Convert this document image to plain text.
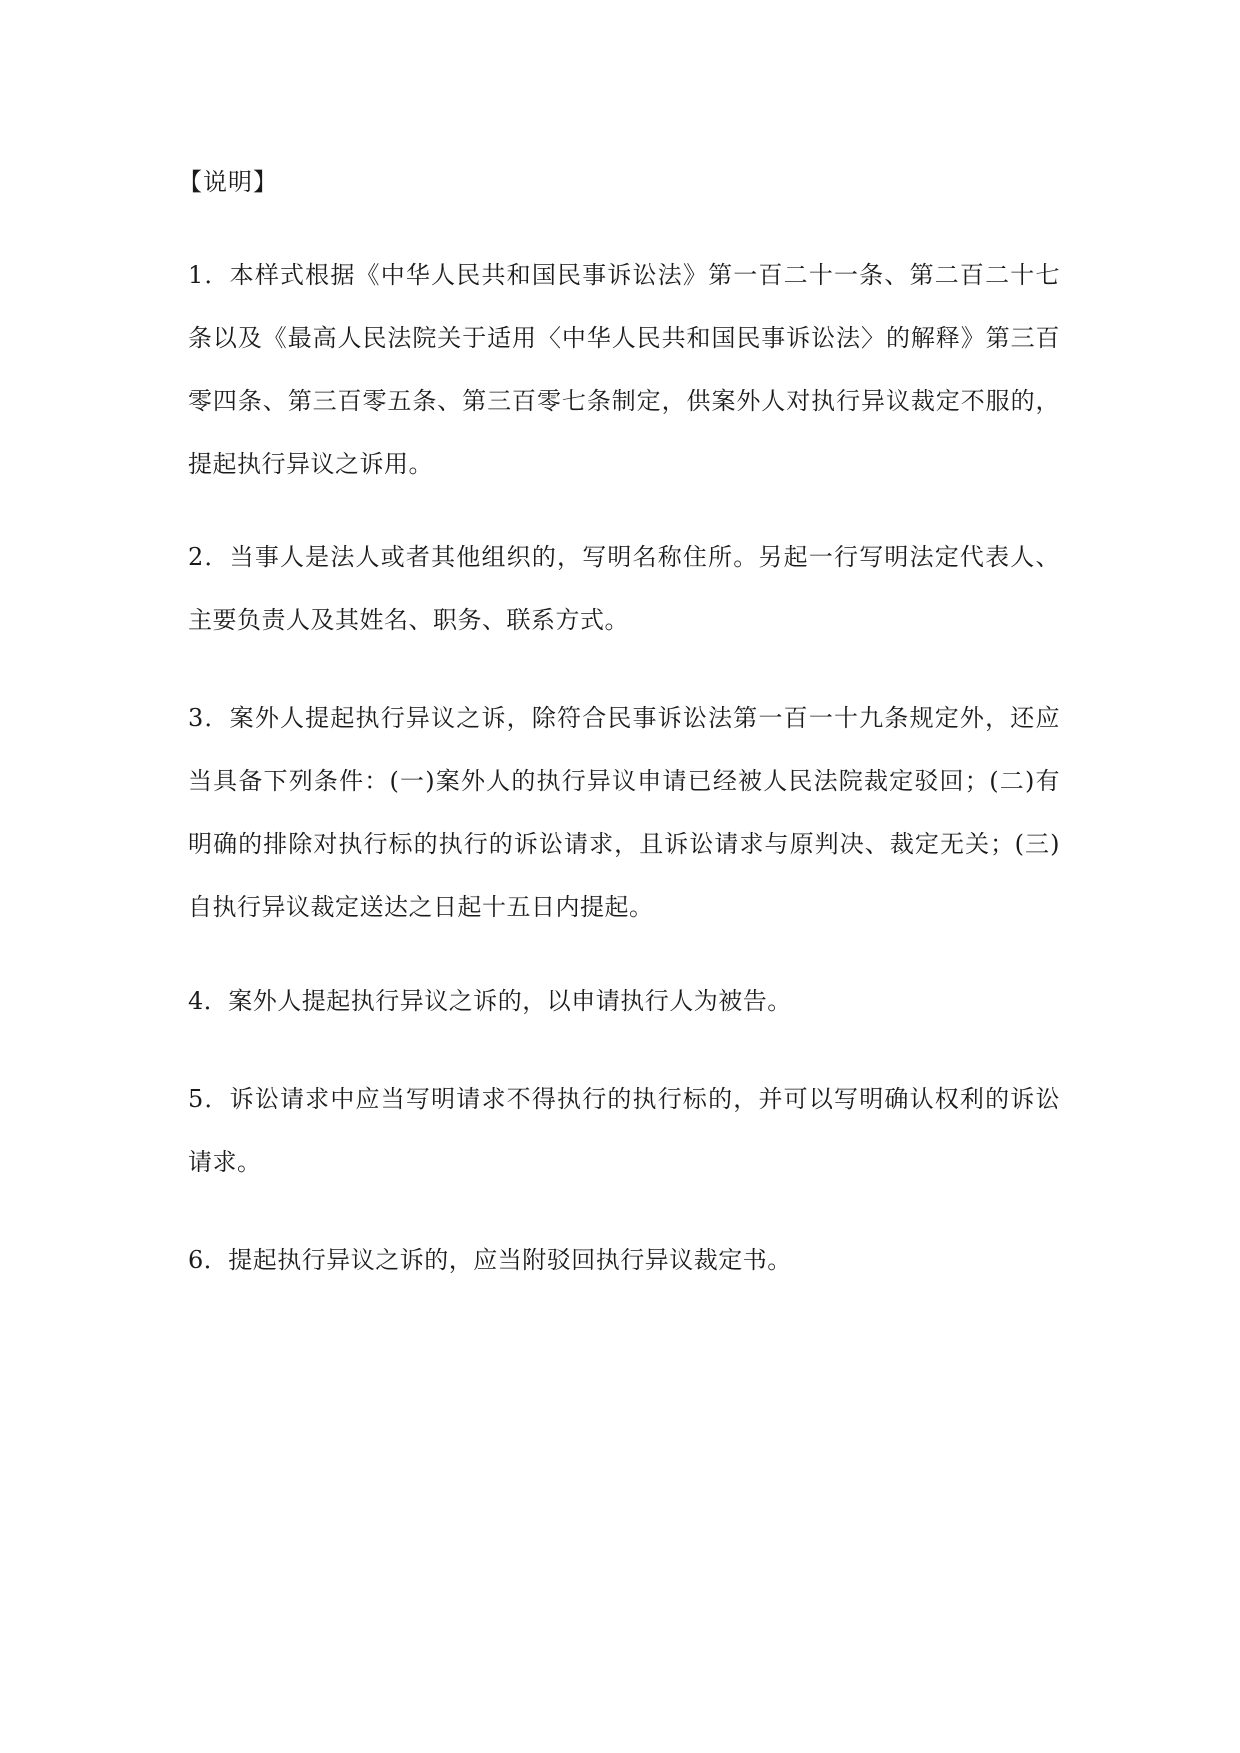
【说明】

1．本样式根据《中华人民共和国民事诉讼法》第一百二十一条、第二百二十七条以及《最高人民法院关于适用〈中华人民共和国民事诉讼法〉的解释》第三百零四条、第三百零五条、第三百零七条制定，供案外人对执行异议裁定不服的，提起执行异议之诉用。

2．当事人是法人或者其他组织的，写明名称住所。另起一行写明法定代表人、主要负责人及其姓名、职务、联系方式。

3．案外人提起执行异议之诉，除符合民事诉讼法第一百一十九条规定外，还应当具备下列条件：(一)案外人的执行异议申请已经被人民法院裁定驳回；(二)有明确的排除对执行标的执行的诉讼请求，且诉讼请求与原判决、裁定无关；(三)自执行异议裁定送达之日起十五日内提起。

4．案外人提起执行异议之诉的，以申请执行人为被告。

5．诉讼请求中应当写明请求不得执行的执行标的，并可以写明确认权利的诉讼请求。

6．提起执行异议之诉的，应当附驳回执行异议裁定书。
